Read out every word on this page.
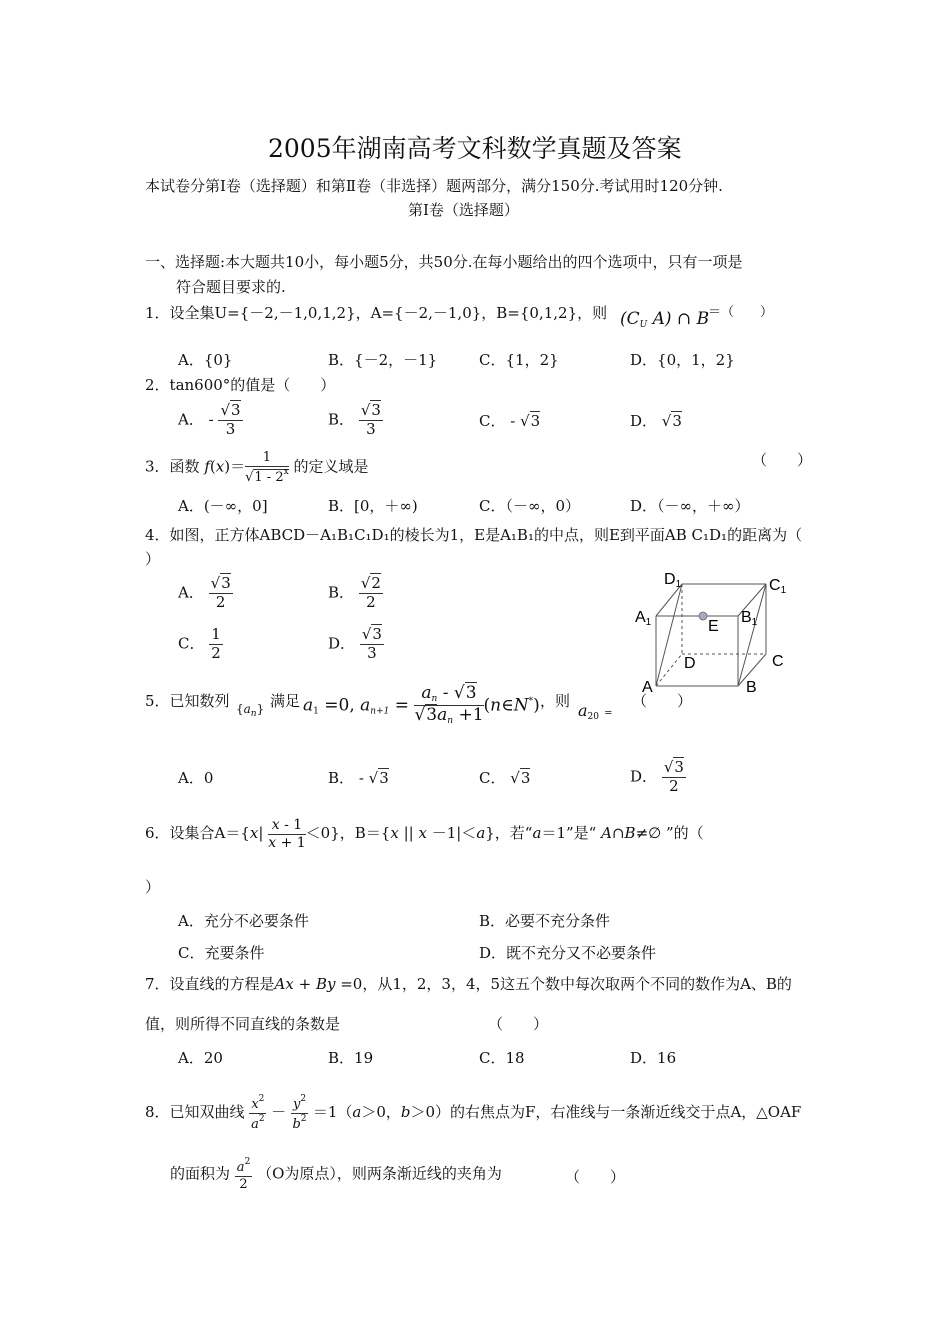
2005年湖南高考文科数学真题及答案
本试卷分第Ⅰ卷（选择题）和第Ⅱ卷（非选择）题两部分，满分150分.考试用时120分钟.
第Ⅰ卷（选择题）
一、选择题:本大题共10小，每小题5分，共50分.在每小题给出的四个选项中，只有一项是
符合题目要求的.
1．设全集U={－2,－1,0,1,2}，A={－2,－1,0}，B={0,1,2}，则 ($C_U$ A) ∩ B
＝（　　）
A．{0}	B．{－2，－1}	C．{1，2}	D．{0，1，2}
2．tan600°的值是（　　）
A． - $\frac{√3}{3}$	B． $\frac{√3}{3}$	C． - √3	D． √3
3．函数 $f(x)= \frac{1}{√1 - 2^x}$ 的定义域是	（　　）
A．(－∞，0]	B．[0，＋∞)	C．（－∞，0）	D．（－∞，＋∞）
4．如图，正方体ABCD－A₁B₁C₁D₁的棱长为1，E是A₁B₁的中点，则E到平面AB C₁D₁的距离为（
）
A． $\frac{√3}{2}$	B． $\frac{√2}{2}$
C． $\frac{1}{2}$	D． $\frac{√3}{3}$
D1	C1
A1	B1
E
D	C
A	B
5．已知数列 $\{a_n\}$ 满足 $a_1 =0$, $a_{n+1} = \frac{a_n - √3}{√3a_n +1}$ (n∈N*) ，则 $a_{20}$ =
（　　）
A．0	B． - √3	C． √3	D． $\frac{√3}{2}$
6．设集合$A=\{x| \frac{x - 1}{x + 1} <0\}$，B＝{x || x －1|＜a}，若“a＝1”是“ A∩B≠∅ ”的（
）
A．充分不必要条件	B．必要不充分条件
C．充要条件	D．既不充分又不必要条件
7．设直线的方程是Ax + By =0，从1，2，3，4，5这五个数中每次取两个不同的数作为A、B的
值，则所得不同直线的条数是	（　　）
A．20	B．19	C．18	D．16
8．已知双曲线 $\frac{x^2}{a^2} - \frac{y^2}{b^2} =1(a>0$，b＞0）的右焦点为F，右准线与一条渐近线交于点A，△OAF
的面积为 $\frac{a^2}{2} (O$为原点），则两条渐近线的夹角为	（　　）
